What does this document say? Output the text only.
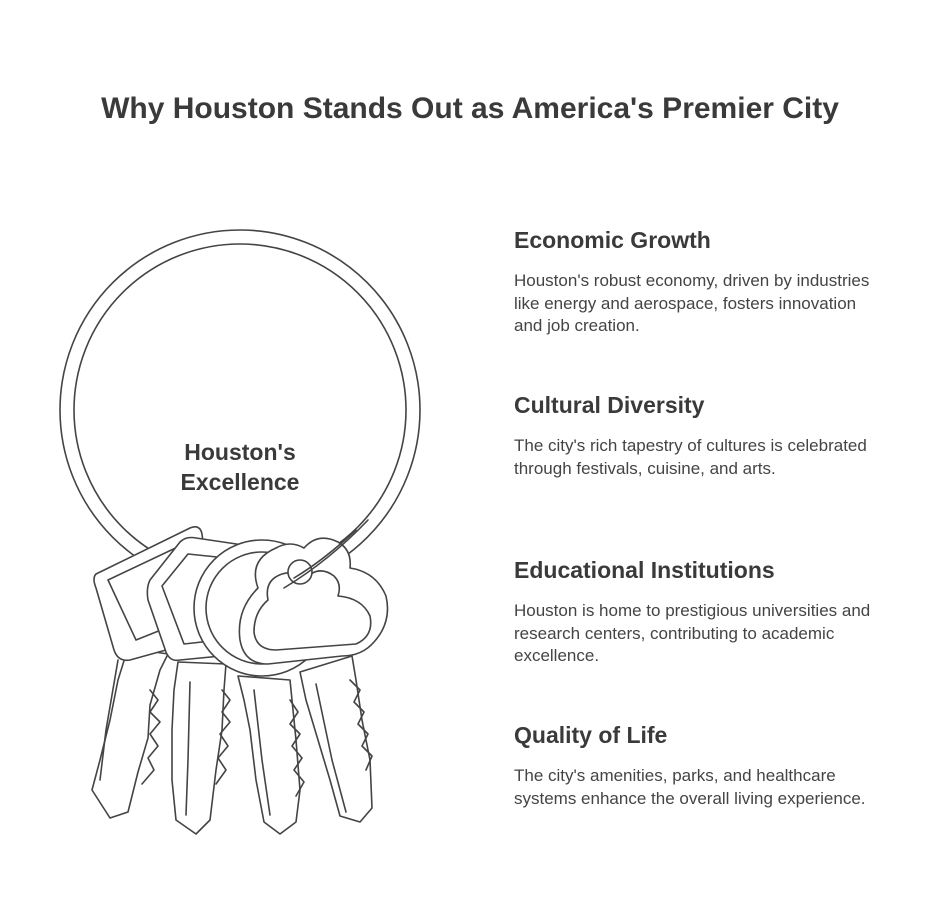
Why Houston Stands Out as America's Premier City
Houston's Excellence
Economic Growth

Houston's robust economy, driven by industries like energy and aerospace, fosters innovation and job creation.

Cultural Diversity

The city's rich tapestry of cultures is celebrated through festivals, cuisine, and arts.

Educational Institutions

Houston is home to prestigious universities and research centers, contributing to academic excellence.

Quality of Life

The city's amenities, parks, and healthcare systems enhance the overall living experience.
